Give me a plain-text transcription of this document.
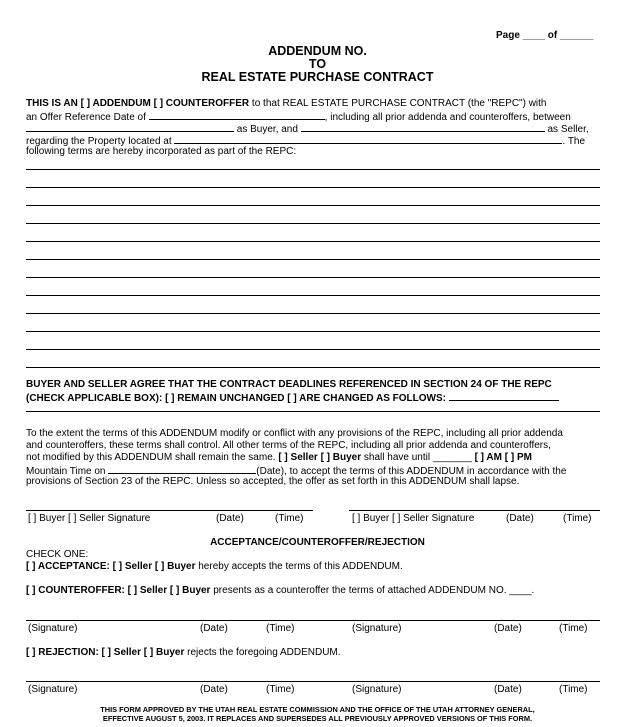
Page ____ of ______
ADDENDUM NO.
TO
REAL ESTATE PURCHASE CONTRACT
THIS IS AN [ ] ADDENDUM [ ] COUNTEROFFER to that REAL ESTATE PURCHASE CONTRACT (the "REPC") with
an Offer Reference Date of	, including all prior addenda and counteroffers, between
as Buyer, and	as Seller,
regarding the Property located at	. The
following terms are hereby incorporated as part of the REPC:
BUYER AND SELLER AGREE THAT THE CONTRACT DEADLINES REFERENCED IN SECTION 24 OF THE REPC
(CHECK APPLICABLE BOX): [ ] REMAIN UNCHANGED [ ] ARE CHANGED AS FOLLOWS:
To the extent the terms of this ADDENDUM modify or conflict with any provisions of the REPC, including all prior addenda
and counteroffers, these terms shall control. All other terms of the REPC, including all prior addenda and counteroffers,
not modified by this ADDENDUM shall remain the same. [ ] Seller [ ] Buyer shall have until _______ [ ] AM [ ] PM
Mountain Time on	(Date), to accept the terms of this ADDENDUM in accordance with the
provisions of Section 23 of the REPC. Unless so accepted, the offer as set forth in this ADDENDUM shall lapse.
[ ] Buyer [ ] Seller Signature	(Date)	(Time)	[ ] Buyer [ ] Seller Signature	(Date)	(Time)
ACCEPTANCE/COUNTEROFFER/REJECTION
CHECK ONE:
[ ] ACCEPTANCE: [ ] Seller [ ] Buyer hereby accepts the terms of this ADDENDUM.
[ ] COUNTEROFFER: [ ] Seller [ ] Buyer presents as a counteroffer the terms of attached ADDENDUM NO. ____.
(Signature)	(Date)	(Time)	(Signature)	(Date)	(Time)
[ ] REJECTION: [ ] Seller [ ] Buyer rejects the foregoing ADDENDUM.
(Signature)	(Date)	(Time)	(Signature)	(Date)	(Time)
THIS FORM APPROVED BY THE UTAH REAL ESTATE COMMISSION AND THE OFFICE OF THE UTAH ATTORNEY GENERAL,
EFFECTIVE AUGUST 5, 2003. IT REPLACES AND SUPERSEDES ALL PREVIOUSLY APPROVED VERSIONS OF THIS FORM.
